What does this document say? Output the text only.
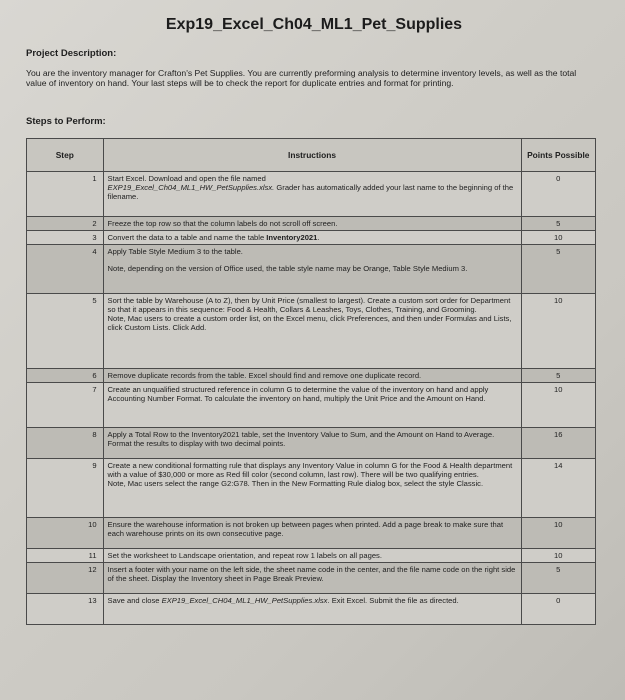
Exp19_Excel_Ch04_ML1_Pet_Supplies
Project Description:
You are the inventory manager for Crafton's Pet Supplies. You are currently preforming analysis to determine inventory levels, as well as the total value of inventory on hand. Your last steps will be to check the report for duplicate entries and format for printing.
Steps to Perform:
Step	Instructions	Points Possible
1	Start Excel. Download and open the file named
EXP19_Excel_Ch04_ML1_HW_PetSupplies.xlsx. Grader has automatically added your last name to the beginning of the filename.	0
2	Freeze the top row so that the column labels do not scroll off screen.	5
3	Convert the data to a table and name the table Inventory2021.	10
4	Apply Table Style Medium 3 to the table.
Note, depending on the version of Office used, the table style name may be Orange, Table Style Medium 3.	5
5	Sort the table by Warehouse (A to Z), then by Unit Price (smallest to largest). Create a custom sort order for Department so that it appears in this sequence: Food & Health, Collars & Leashes, Toys, Clothes, Training, and Grooming.
Note, Mac users to create a custom order list, on the Excel menu, click Preferences, and then under Formulas and Lists, click Custom Lists. Click Add.	10
6	Remove duplicate records from the table. Excel should find and remove one duplicate record.	5
7	Create an unqualified structured reference in column G to determine the value of the inventory on hand and apply Accounting Number Format. To calculate the inventory on hand, multiply the Unit Price and the Amount on Hand.	10
8	Apply a Total Row to the Inventory2021 table, set the Inventory Value to Sum, and the Amount on Hand to Average. Format the results to display with two decimal points.	16
9	Create a new conditional formatting rule that displays any Inventory Value in column G for the Food & Health department with a value of $30,000 or more as Red fill color (second column, last row). There will be two qualifying entries.
Note, Mac users select the range G2:G78. Then in the New Formatting Rule dialog box, select the style Classic.	14
10	Ensure the warehouse information is not broken up between pages when printed. Add a page break to make sure that each warehouse prints on its own consecutive page.	10
11	Set the worksheet to Landscape orientation, and repeat row 1 labels on all pages.	10
12	Insert a footer with your name on the left side, the sheet name code in the center, and the file name code on the right side of the sheet. Display the Inventory sheet in Page Break Preview.	5
13	Save and close EXP19_Excel_CH04_ML1_HW_PetSupplies.xlsx. Exit Excel. Submit the file as directed.	0
